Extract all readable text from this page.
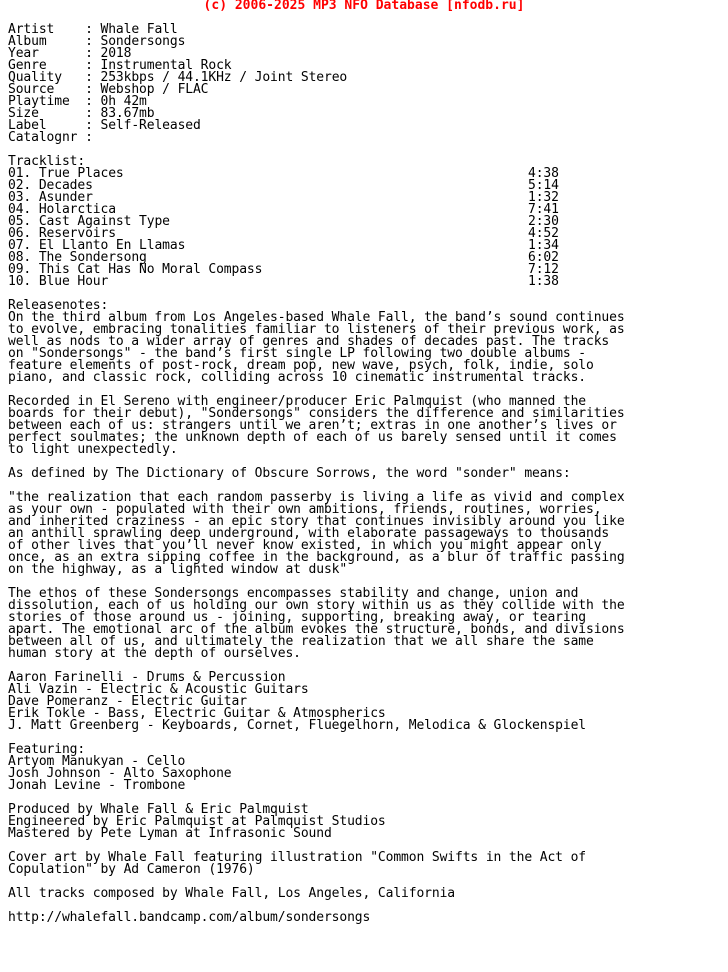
(c) 2006-2025 MP3 NFO Database [nfodb.ru]
Artist    : Whale Fall
Album     : Sondersongs
Year      : 2018
Genre     : Instrumental Rock
Quality   : 253kbps / 44.1KHz / Joint Stereo
Source    : Webshop / FLAC
Playtime  : 0h 42m
Size      : 83.67mb
Label     : Self-Released
Catalognr :
Tracklist:
01. True Places	4:38
02. Decades	5:14
03. Asunder	1:32
04. Holarctica	7:41
05. Cast Against Type	2:30
06. Reservoirs	4:52
07. El Llanto En Llamas	1:34
08. The Sondersong	6:02
09. This Cat Has No Moral Compass	7:12
10. Blue Hour	1:38
Releasenotes:
On the third album from Los Angeles-based Whale Fall, the band’s sound continues
to evolve, embracing tonalities familiar to listeners of their previous work, as
well as nods to a wider array of genres and shades of decades past. The tracks
on "Sondersongs" - the band’s first single LP following two double albums -
feature elements of post-rock, dream pop, new wave, psych, folk, indie, solo
piano, and classic rock, colliding across 10 cinematic instrumental tracks.
Recorded in El Sereno with engineer/producer Eric Palmquist (who manned the
boards for their debut), "Sondersongs" considers the difference and similarities
between each of us: strangers until we aren’t; extras in one another’s lives or
perfect soulmates; the unknown depth of each of us barely sensed until it comes
to light unexpectedly.
As defined by The Dictionary of Obscure Sorrows, the word "sonder" means:
"the realization that each random passerby is living a life as vivid and complex
as your own - populated with their own ambitions, friends, routines, worries,
and inherited craziness - an epic story that continues invisibly around you like
an anthill sprawling deep underground, with elaborate passageways to thousands
of other lives that you’ll never know existed, in which you might appear only
once, as an extra sipping coffee in the background, as a blur of traffic passing
on the highway, as a lighted window at dusk"
The ethos of these Sondersongs encompasses stability and change, union and
dissolution, each of us holding our own story within us as they collide with the
stories of those around us - joining, supporting, breaking away, or tearing
apart. The emotional arc of the album evokes the structure, bonds, and divisions
between all of us, and ultimately the realization that we all share the same
human story at the depth of ourselves.
Aaron Farinelli - Drums & Percussion
Ali Vazin - Electric & Acoustic Guitars
Dave Pomeranz - Electric Guitar
Erik Tokle - Bass, Electric Guitar & Atmospherics
J. Matt Greenberg - Keyboards, Cornet, Fluegelhorn, Melodica & Glockenspiel
Featuring:
Artyom Manukyan - Cello
Josh Johnson - Alto Saxophone
Jonah Levine - Trombone
Produced by Whale Fall & Eric Palmquist
Engineered by Eric Palmquist at Palmquist Studios
Mastered by Pete Lyman at Infrasonic Sound
Cover art by Whale Fall featuring illustration "Common Swifts in the Act of
Copulation" by Ad Cameron (1976)
All tracks composed by Whale Fall, Los Angeles, California
http://whalefall.bandcamp.com/album/sondersongs
